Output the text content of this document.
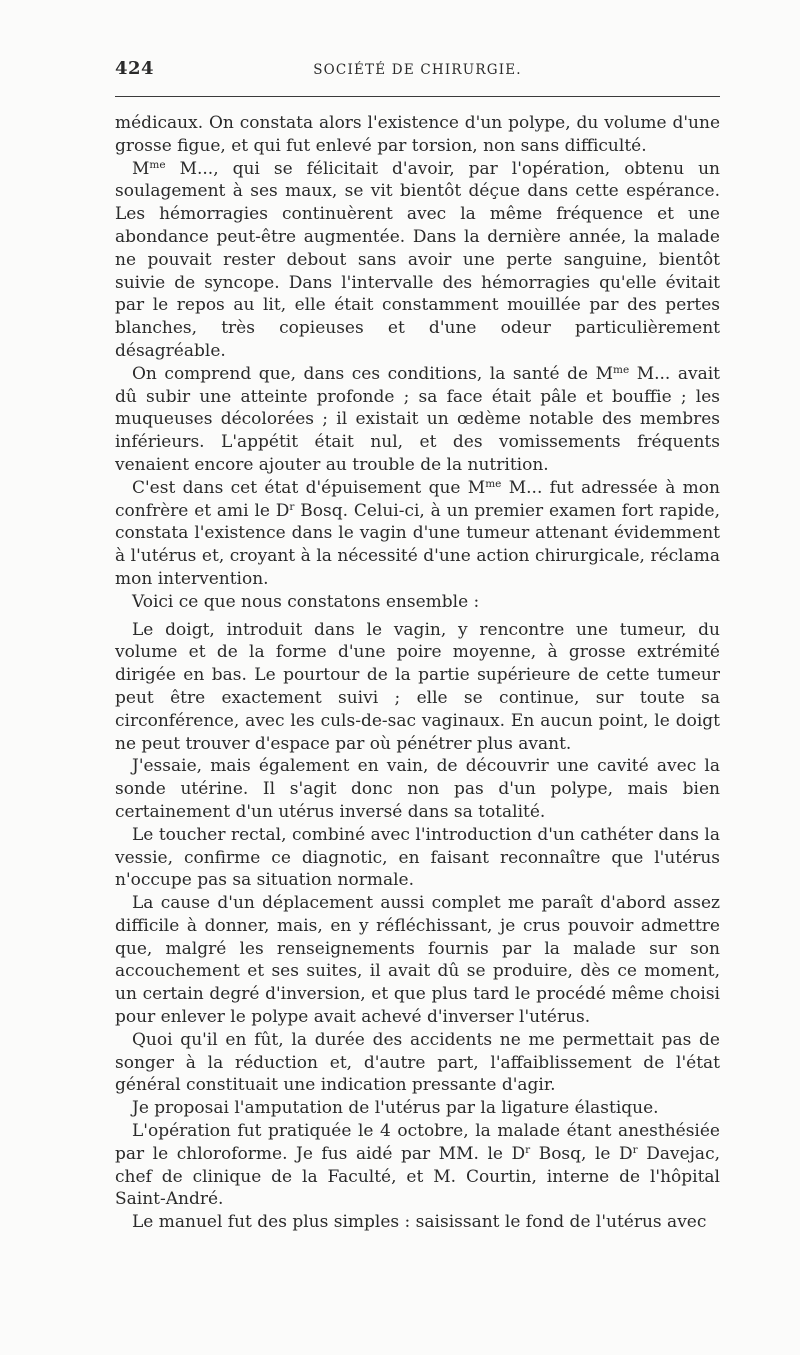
424	SOCIÉTÉ DE CHIRURGIE.

médicaux. On constata alors l'existence d'un polype, du volume d'une grosse figue, et qui fut enlevé par torsion, non sans difficulté.

$M^{me}$ M..., qui se félicitait d'avoir, par l'opération, obtenu un soulagement à ses maux, se vit bientôt déçue dans cette espérance. Les hémorragies continuèrent avec la même fréquence et une abondance peut-être augmentée. Dans la dernière année, la malade ne pouvait rester debout sans avoir une perte sanguine, bientôt suivie de syncope. Dans l'intervalle des hémorragies qu'elle évitait par le repos au lit, elle était constamment mouillée par des pertes blanches, très copieuses et d'une odeur particulièrement désagréable.

On comprend que, dans ces conditions, la santé de $M^{me}$ M... avait dû subir une atteinte profonde ; sa face était pâle et bouffie ; les muqueuses décolorées ; il existait un œdème notable des membres inférieurs. L'appétit était nul, et des vomissements fréquents venaient encore ajouter au trouble de la nutrition.

C'est dans cet état d'épuisement que $M^{me}$ M... fut adressée à mon confrère et ami le $D^r$ Bosq. Celui-ci, à un premier examen fort rapide, constata l'existence dans le vagin d'une tumeur attenant évidemment à l'utérus et, croyant à la nécessité d'une action chirurgicale, réclama mon intervention.

Voici ce que nous constatons ensemble :

Le doigt, introduit dans le vagin, y rencontre une tumeur, du volume et de la forme d'une poire moyenne, à grosse extrémité dirigée en bas. Le pourtour de la partie supérieure de cette tumeur peut être exactement suivi ; elle se continue, sur toute sa circonférence, avec les culs-de-sac vaginaux. En aucun point, le doigt ne peut trouver d'espace par où pénétrer plus avant.

J'essaie, mais également en vain, de découvrir une cavité avec la sonde utérine. Il s'agit donc non pas d'un polype, mais bien certainement d'un utérus inversé dans sa totalité.

Le toucher rectal, combiné avec l'introduction d'un cathéter dans la vessie, confirme ce diagnotic, en faisant reconnaître que l'utérus n'occupe pas sa situation normale.

La cause d'un déplacement aussi complet me paraît d'abord assez difficile à donner, mais, en y réfléchissant, je crus pouvoir admettre que, malgré les renseignements fournis par la malade sur son accouchement et ses suites, il avait dû se produire, dès ce moment, un certain degré d'inversion, et que plus tard le procédé même choisi pour enlever le polype avait achevé d'inverser l'utérus.

Quoi qu'il en fût, la durée des accidents ne me permettait pas de songer à la réduction et, d'autre part, l'affaiblissement de l'état général constituait une indication pressante d'agir.

Je proposai l'amputation de l'utérus par la ligature élastique.

L'opération fut pratiquée le 4 octobre, la malade étant anesthésiée par le chloroforme. Je fus aidé par MM. le $D^r$ Bosq, le $D^r$ Davejac, chef de clinique de la Faculté, et M. Courtin, interne de l'hôpital Saint-André.

Le manuel fut des plus simples : saisissant le fond de l'utérus avec
